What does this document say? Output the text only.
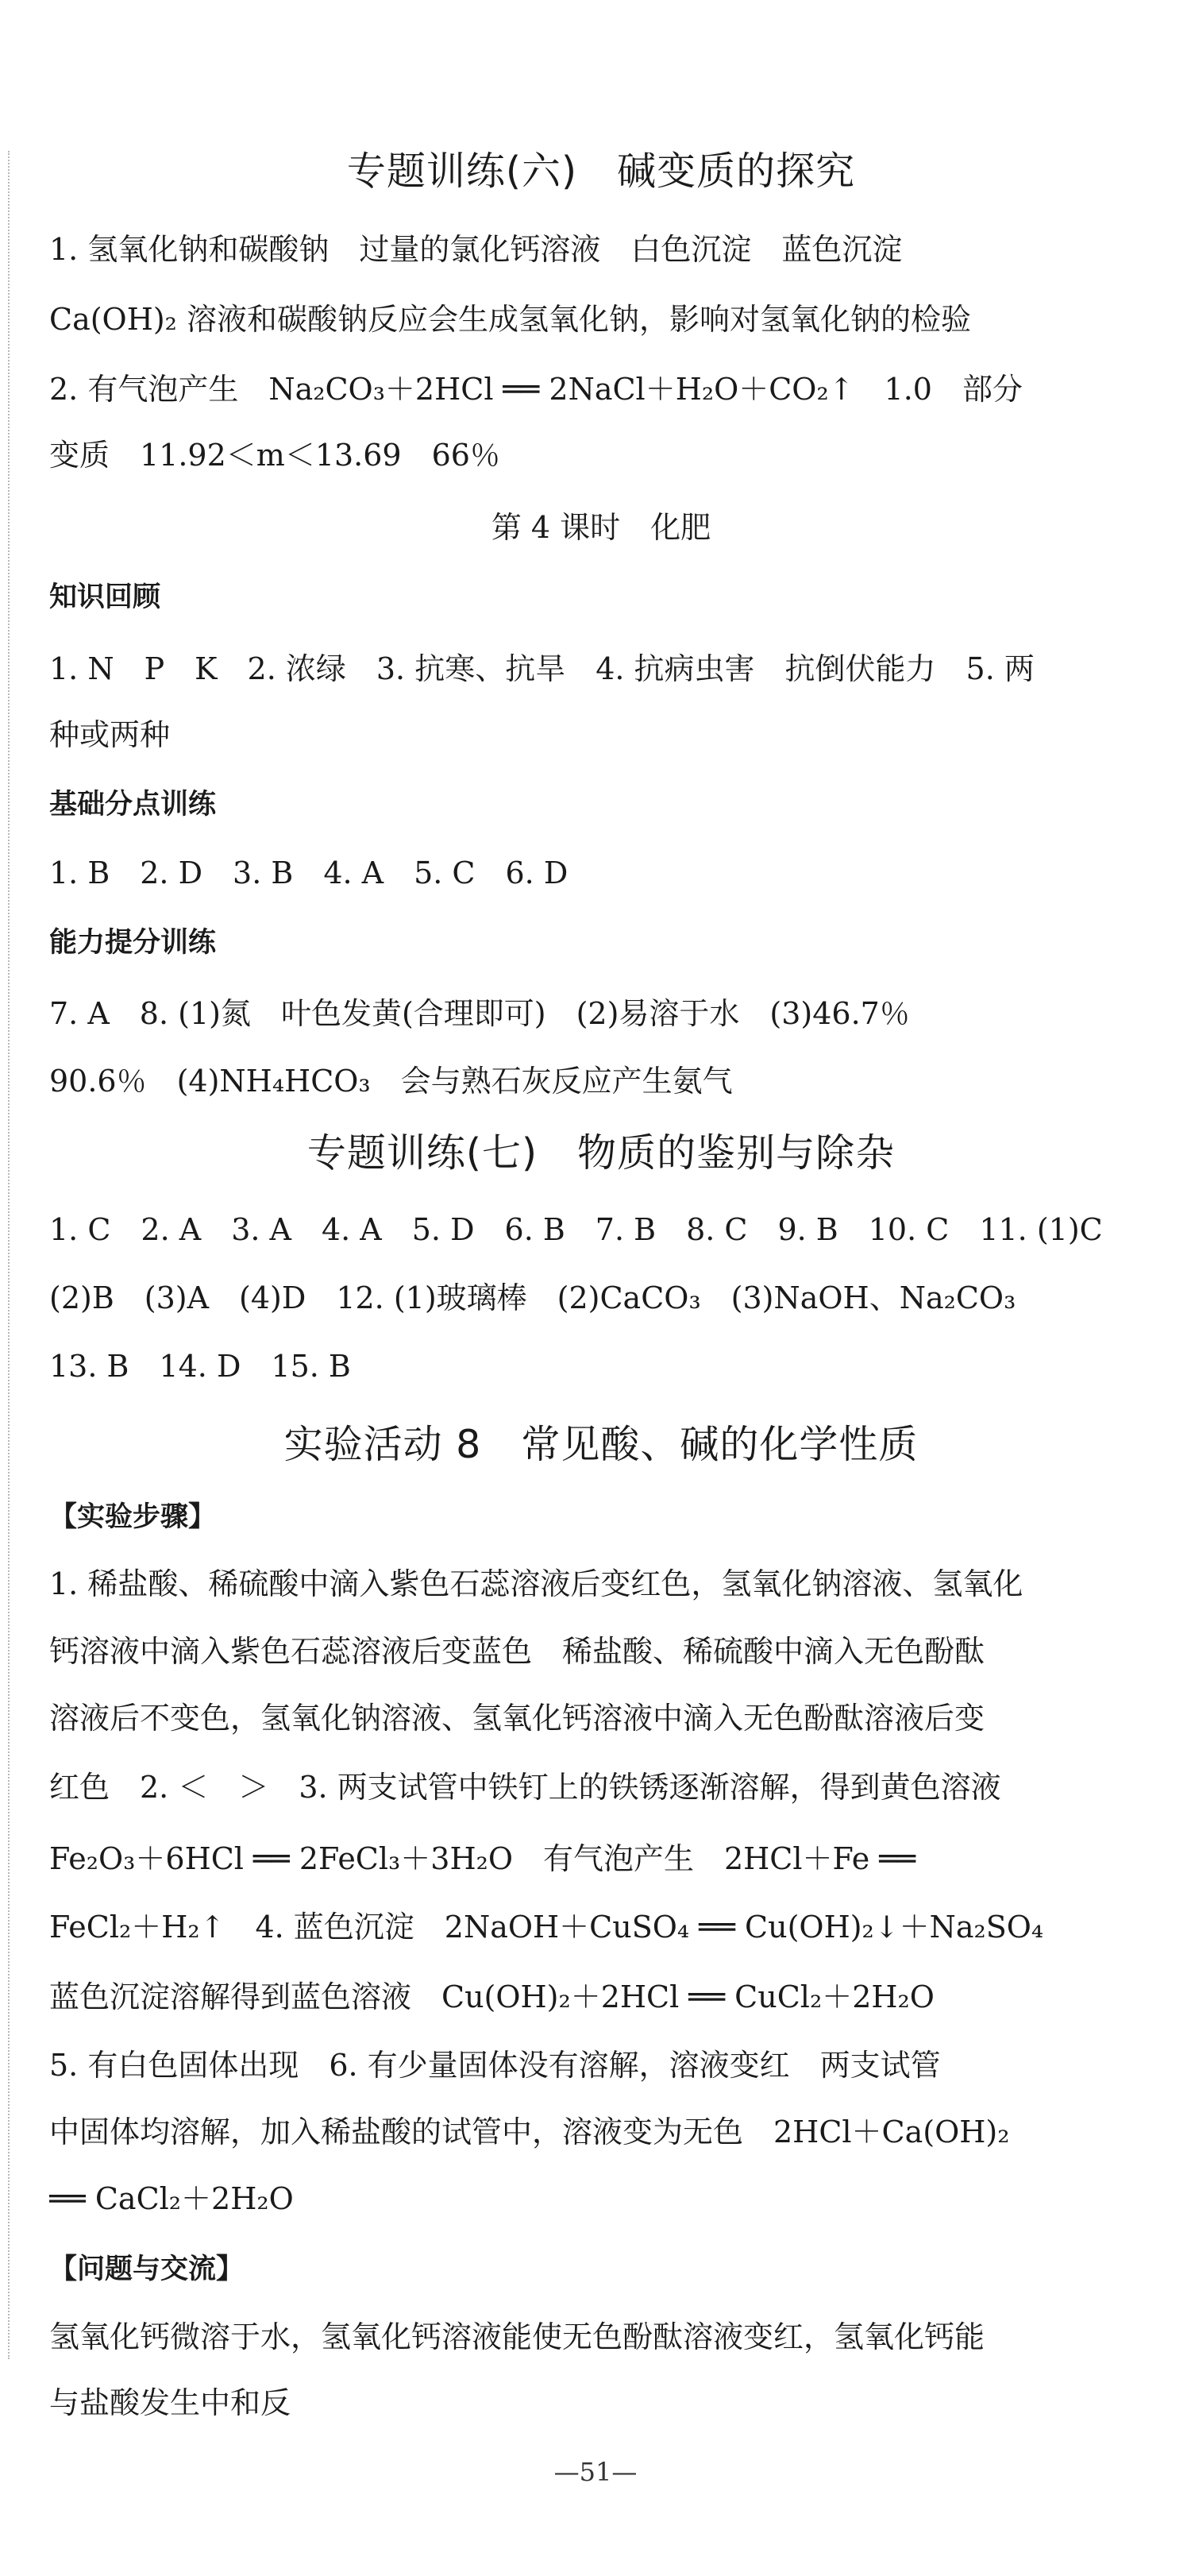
专题训练(六)　碱变质的探究
1. 氢氧化钠和碳酸钠　过量的氯化钙溶液　白色沉淀　蓝色沉淀
Ca(OH)₂ 溶液和碳酸钠反应会生成氢氧化钠，影响对氢氧化钠的检验
2. 有气泡产生　Na₂CO₃＋2HCl ══ 2NaCl＋H₂O＋CO₂↑　1.0　部分
变质　11.92＜m＜13.69　66％
第 4 课时　化肥
知识回顾
1. N　P　K　2. 浓绿　3. 抗寒、抗旱　4. 抗病虫害　抗倒伏能力　5. 两
种或两种
基础分点训练
1. B　2. D　3. B　4. A　5. C　6. D
能力提分训练
7. A　8. (1)氮　叶色发黄(合理即可)　(2)易溶于水　(3)46.7％
90.6％　(4)NH₄HCO₃　会与熟石灰反应产生氨气
专题训练(七)　物质的鉴别与除杂
1. C　2. A　3. A　4. A　5. D　6. B　7. B　8. C　9. B　10. C　11. (1)C
(2)B　(3)A　(4)D　12. (1)玻璃棒　(2)CaCO₃　(3)NaOH、Na₂CO₃
13. B　14. D　15. B
实验活动 8　常见酸、碱的化学性质
【实验步骤】
1. 稀盐酸、稀硫酸中滴入紫色石蕊溶液后变红色，氢氧化钠溶液、氢氧化
钙溶液中滴入紫色石蕊溶液后变蓝色　稀盐酸、稀硫酸中滴入无色酚酞
溶液后不变色，氢氧化钠溶液、氢氧化钙溶液中滴入无色酚酞溶液后变
红色　2. ＜　＞　3. 两支试管中铁钉上的铁锈逐渐溶解，得到黄色溶液
Fe₂O₃＋6HCl ══ 2FeCl₃＋3H₂O　有气泡产生　2HCl＋Fe ══
FeCl₂＋H₂↑　4. 蓝色沉淀　2NaOH＋CuSO₄ ══ Cu(OH)₂↓＋Na₂SO₄
蓝色沉淀溶解得到蓝色溶液　Cu(OH)₂＋2HCl ══ CuCl₂＋2H₂O
5. 有白色固体出现　6. 有少量固体没有溶解，溶液变红　两支试管
中固体均溶解，加入稀盐酸的试管中，溶液变为无色　2HCl＋Ca(OH)₂
══ CaCl₂＋2H₂O
【问题与交流】
氢氧化钙微溶于水，氢氧化钙溶液能使无色酚酞溶液变红，氢氧化钙能
与盐酸发生中和反
—51—
